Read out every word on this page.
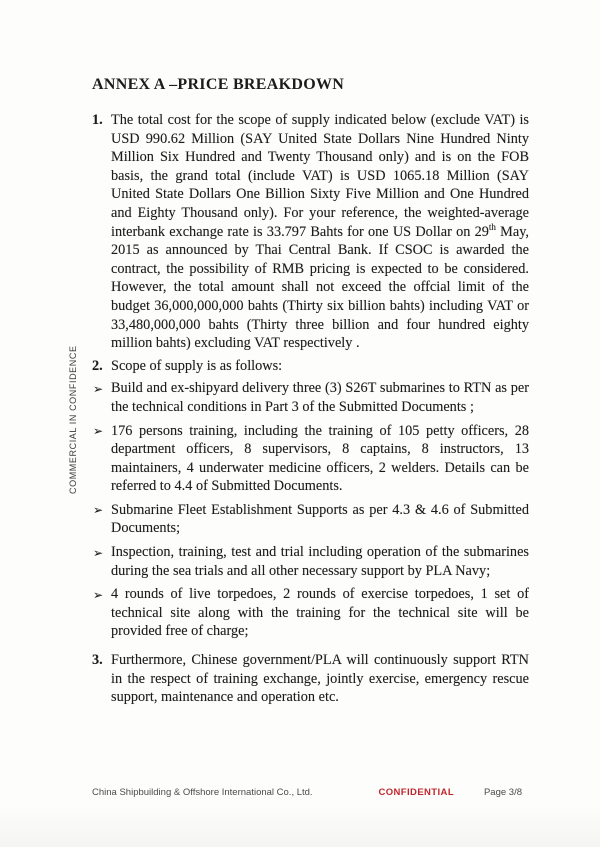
COMMERCIAL IN CONFIDENCE
ANNEX A –PRICE BREAKDOWN
1. The total cost for the scope of supply indicated below (exclude VAT) is USD 990.62 Million (SAY United State Dollars Nine Hundred Ninty Million Six Hundred and Twenty Thousand only) and is on the FOB basis, the grand total (include VAT) is USD 1065.18 Million (SAY United State Dollars One Billion Sixty Five Million and One Hundred and Eighty Thousand only). For your reference, the weighted-average interbank exchange rate is 33.797 Bahts for one US Dollar on 29th May, 2015 as announced by Thai Central Bank. If CSOC is awarded the contract, the possibility of RMB pricing is expected to be considered. However, the total amount shall not exceed the offcial limit of the budget 36,000,000,000 bahts (Thirty six billion bahts) including VAT or 33,480,000,000 bahts (Thirty three billion and four hundred eighty million bahts) excluding VAT respectively .
2. Scope of supply is as follows:
➢ Build and ex-shipyard delivery three (3) S26T submarines to RTN as per the technical conditions in Part 3 of the Submitted Documents ;
➢ 176 persons training, including the training of 105 petty officers, 28 department officers, 8 supervisors, 8 captains, 8 instructors, 13 maintainers, 4 underwater medicine officers, 2 welders. Details can be referred to 4.4 of Submitted Documents.
➢ Submarine Fleet Establishment Supports as per 4.3 & 4.6 of Submitted Documents;
➢ Inspection, training, test and trial including operation of the submarines during the sea trials and all other necessary support by PLA Navy;
➢ 4 rounds of live torpedoes, 2 rounds of exercise torpedoes, 1 set of technical site along with the training for the technical site will be provided free of charge;
3. Furthermore, Chinese government/PLA will continuously support RTN in the respect of training exchange, jointly exercise, emergency rescue support, maintenance and operation etc.
China Shipbuilding & Offshore International Co., Ltd.	CONFIDENTIAL	Page 3/8
